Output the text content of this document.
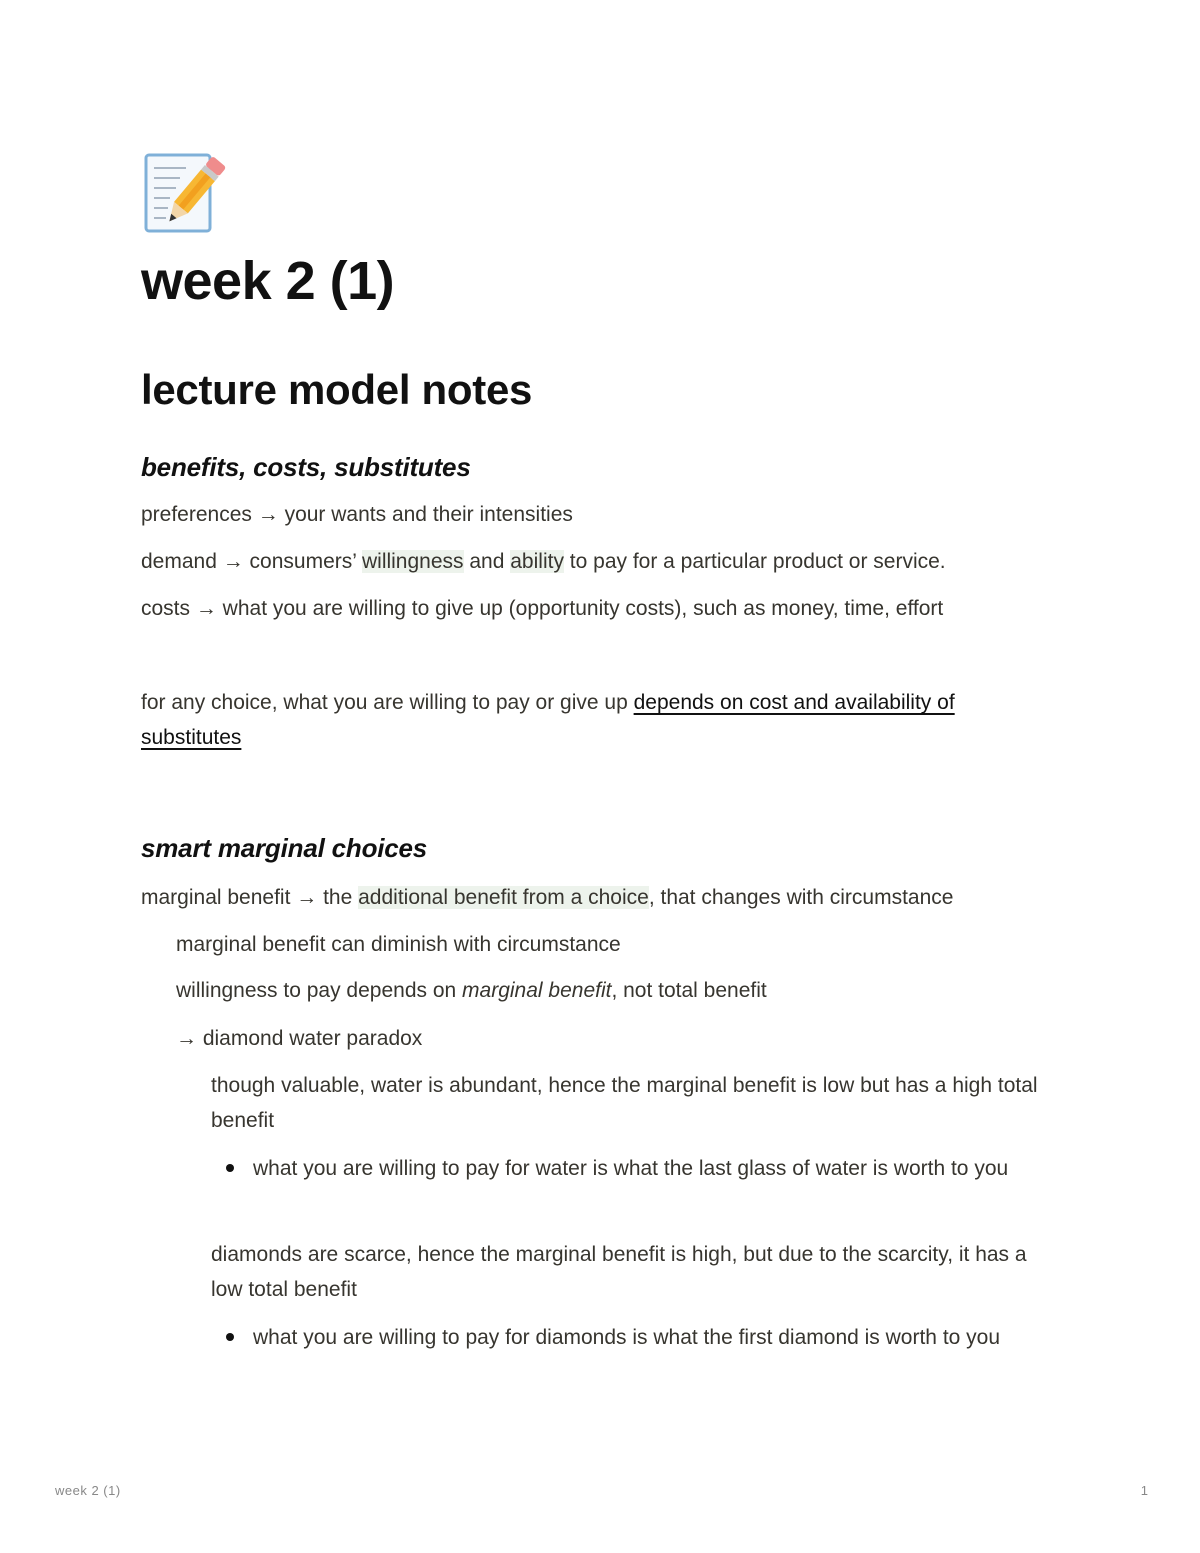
week 2 (1)
lecture model notes
benefits, costs, substitutes

preferences → your wants and their intensities

demand → consumers’ willingness and ability to pay for a particular product or service.

costs → what you are willing to give up (opportunity costs), such as money, time, effort

for any choice, what you are willing to pay or give up depends on cost and availability of
substitutes

smart marginal choices

marginal benefit → the additional benefit from a choice, that changes with circumstance

marginal benefit can diminish with circumstance

willingness to pay depends on marginal benefit, not total benefit

→ diamond water paradox

though valuable, water is abundant, hence the marginal benefit is low but has a high total benefit

what you are willing to pay for water is what the last glass of water is worth to you

diamonds are scarce, hence the marginal benefit is high, but due to the scarcity, it has a low total benefit

what you are willing to pay for diamonds is what the first diamond is worth to you
week 2 (1)	1
